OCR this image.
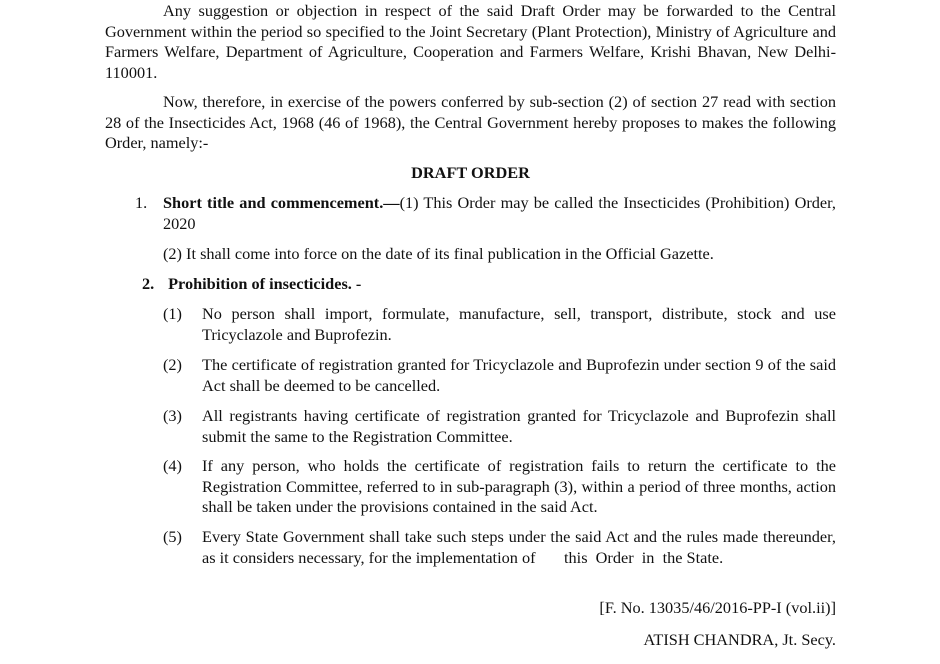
Any suggestion or objection in respect of the said Draft Order may be forwarded to the Central Government within the period so specified to the Joint Secretary (Plant Protection), Ministry of Agriculture and Farmers Welfare, Department of Agriculture, Cooperation and Farmers Welfare, Krishi Bhavan, New Delhi-110001.

Now, therefore, in exercise of the powers conferred by sub-section (2) of section 27 read with section 28 of the Insecticides Act, 1968 (46 of 1968), the Central Government hereby proposes to makes the following Order, namely:-

DRAFT ORDER
1. Short title and commencement.—(1) This Order may be called the Insecticides (Prohibition) Order, 2020
(2) It shall come into force on the date of its final publication in the Official Gazette.
2. Prohibition of insecticides. -
(1) No person shall import, formulate, manufacture, sell, transport, distribute, stock and use Tricyclazole and Buprofezin.
(2) The certificate of registration granted for Tricyclazole and Buprofezin under section 9 of the said Act shall be deemed to be cancelled.
(3) All registrants having certificate of registration granted for Tricyclazole and Buprofezin shall submit the same to the Registration Committee.
(4) If any person, who holds the certificate of registration fails to return the certificate to the Registration Committee, referred to in sub-paragraph (3), within a period of three months, action shall be taken under the provisions contained in the said Act.
(5) Every State Government shall take such steps under the said Act and the rules made thereunder, as it considers necessary, for the implementation of       this  Order  in  the State.
[F. No. 13035/46/2016-PP-I (vol.ii)]
ATISH CHANDRA, Jt. Secy.
